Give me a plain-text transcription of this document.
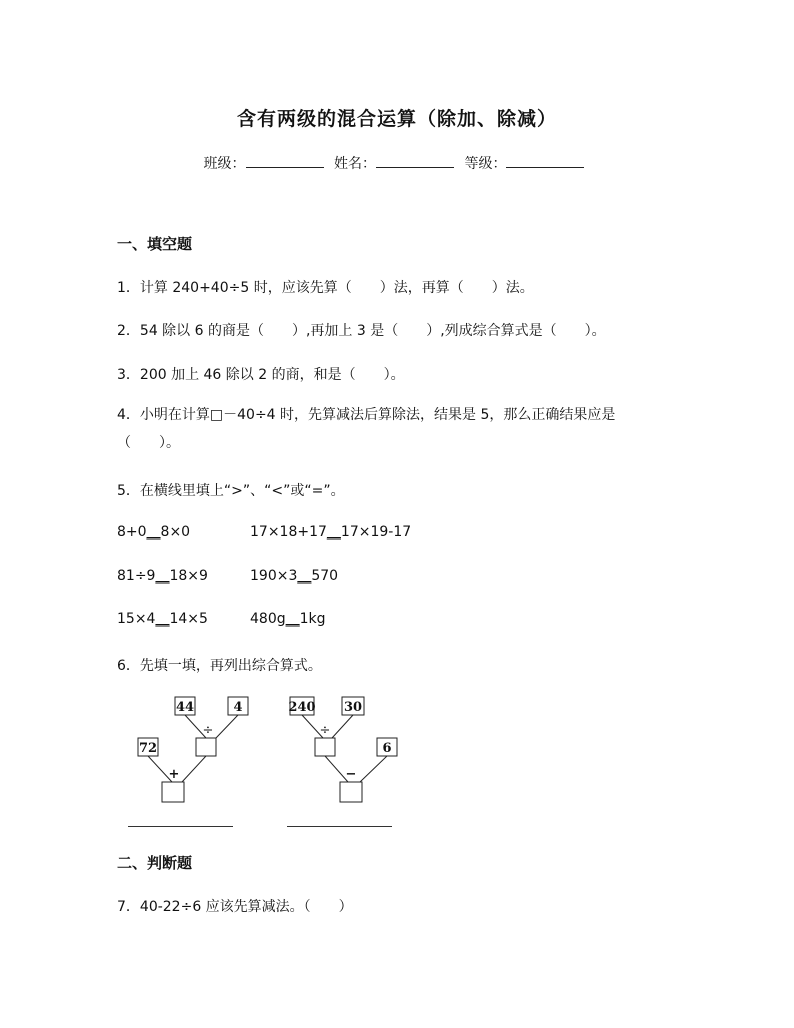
含有两级的混合运算（除加、除减）
班级：	姓名：	等级：
一、填空题
1．计算 240+40÷5 时，应该先算（　　）法，再算（　　）法。
2．54 除以 6 的商是（　　）,再加上 3 是（　　）,列成综合算式是（　　）。
3．200 加上 46 除以 2 的商，和是（　　）。
4．小明在计算□－40÷4 时，先算减法后算除法，结果是 5，那么正确结果应是（　　）。
5．在横线里填上“>”、“<”或“=”。
8+0__8×0	17×18+17__17×19-17
81÷9__18×9	190×3__570
15×4__14×5	480g__1kg
6．先填一填，再列出综合算式。
44	4
÷
72
+
240 30
÷
6
−
二、判断题
7．40-22÷6 应该先算减法。（　　）
